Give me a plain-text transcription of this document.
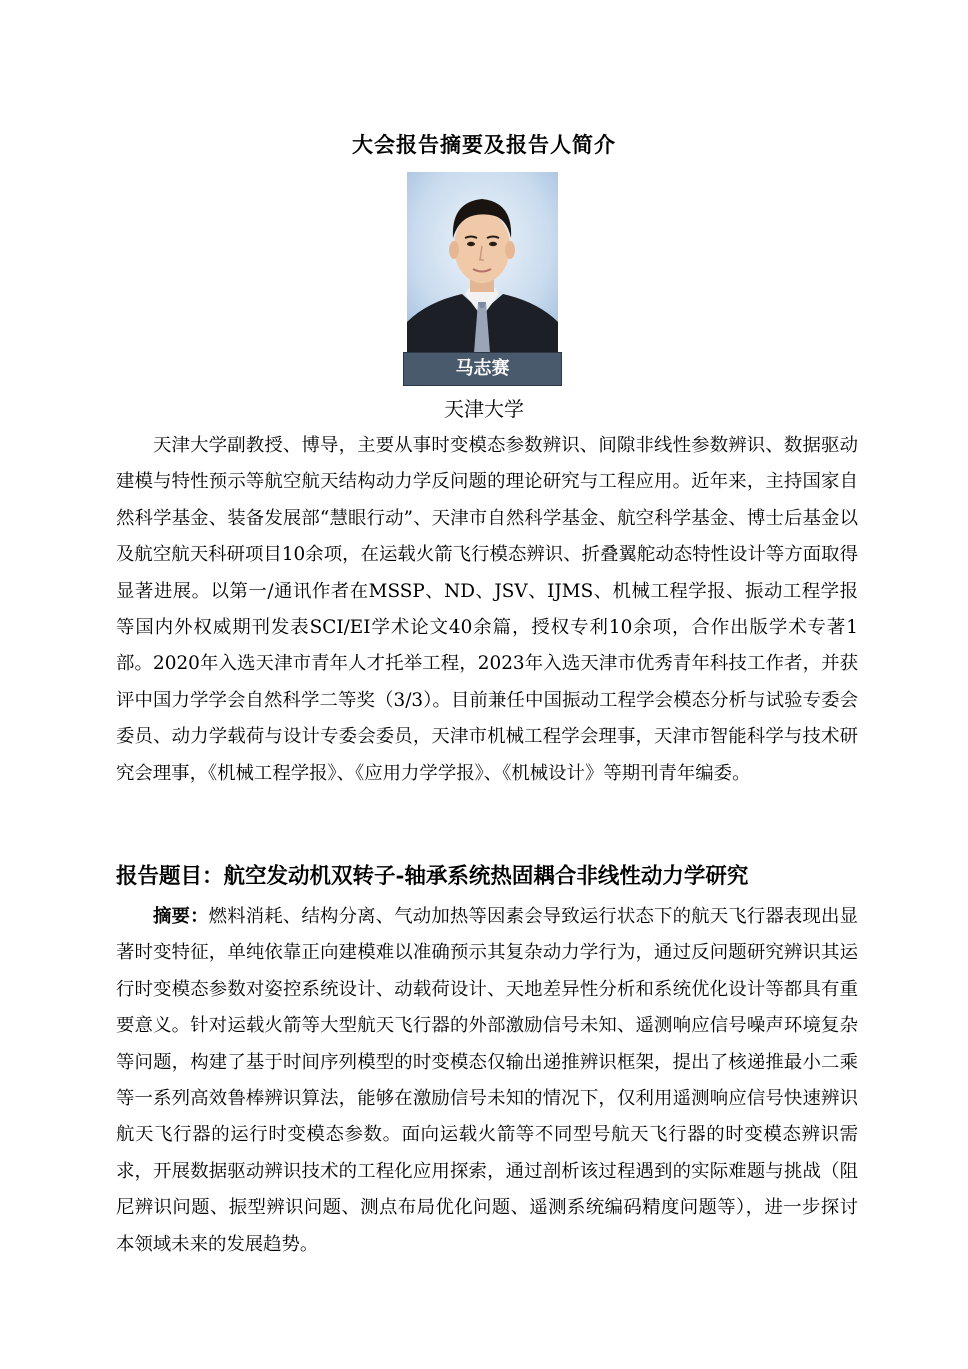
大会报告摘要及报告人简介
马志赛
天津大学
天津大学副教授、博导，主要从事时变模态参数辨识、间隙非线性参数辨识、数据驱动建模与特性预示等航空航天结构动力学反问题的理论研究与工程应用。近年来，主持国家自然科学基金、装备发展部“慧眼行动”、天津市自然科学基金、航空科学基金、博士后基金以及航空航天科研项目10余项，在运载火箭飞行模态辨识、折叠翼舵动态特性设计等方面取得显著进展。以第一/通讯作者在MSSP、ND、JSV、IJMS、机械工程学报、振动工程学报等国内外权威期刊发表SCI/EI学术论文40余篇，授权专利10余项，合作出版学术专著1部。2020年入选天津市青年人才托举工程，2023年入选天津市优秀青年科技工作者，并获评中国力学学会自然科学二等奖（3/3）。目前兼任中国振动工程学会模态分析与试验专委会委员、动力学载荷与设计专委会委员，天津市机械工程学会理事，天津市智能科学与技术研究会理事，《机械工程学报》、《应用力学学报》、《机械设计》等期刊青年编委。
报告题目：航空发动机双转子-轴承系统热固耦合非线性动力学研究
摘要：燃料消耗、结构分离、气动加热等因素会导致运行状态下的航天飞行器表现出显著时变特征，单纯依靠正向建模难以准确预示其复杂动力学行为，通过反问题研究辨识其运行时变模态参数对姿控系统设计、动载荷设计、天地差异性分析和系统优化设计等都具有重要意义。针对运载火箭等大型航天飞行器的外部激励信号未知、遥测响应信号噪声环境复杂等问题，构建了基于时间序列模型的时变模态仅输出递推辨识框架，提出了核递推最小二乘等一系列高效鲁棒辨识算法，能够在激励信号未知的情况下，仅利用遥测响应信号快速辨识航天飞行器的运行时变模态参数。面向运载火箭等不同型号航天飞行器的时变模态辨识需求，开展数据驱动辨识技术的工程化应用探索，通过剖析该过程遇到的实际难题与挑战（阻尼辨识问题、振型辨识问题、测点布局优化问题、遥测系统编码精度问题等），进一步探讨本领域未来的发展趋势。
